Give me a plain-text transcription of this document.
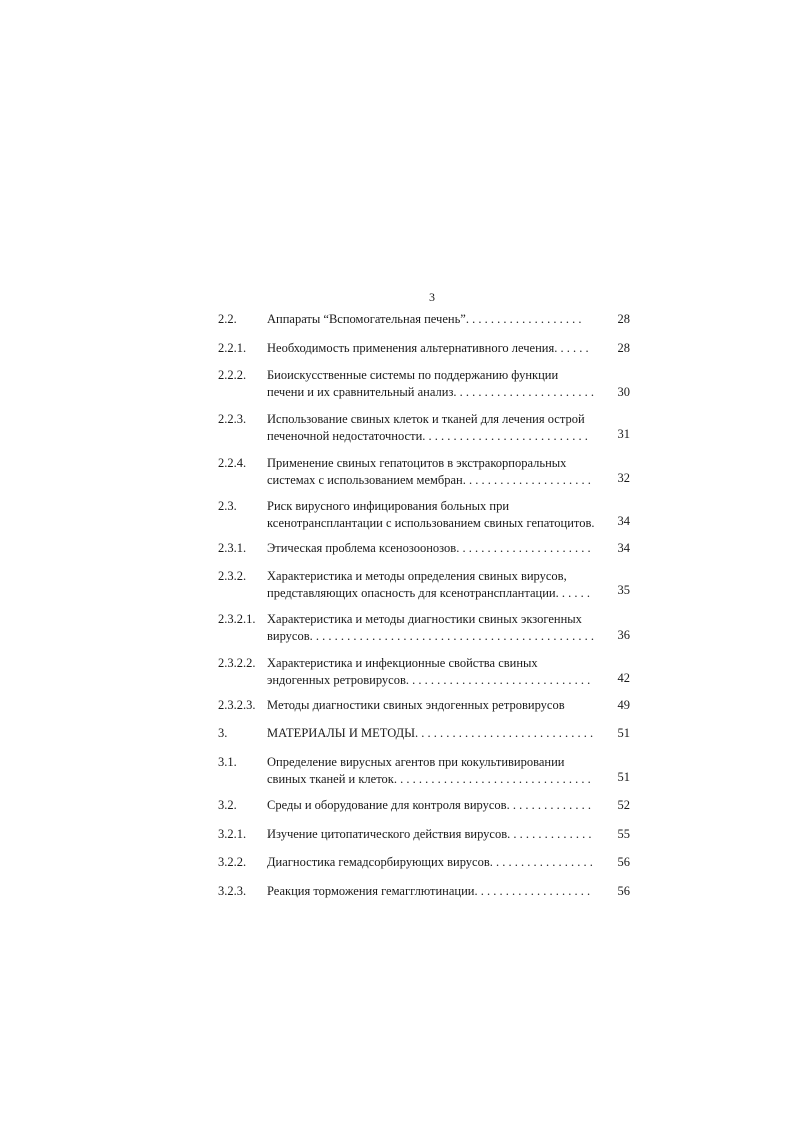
3
2.2. Аппараты “Вспомогательная печень”. . . . . . . . . . . . . . . . . . .	28
2.2.1. Необходимость применения альтернативного лечения. . . . . .	28
2.2.2. Биоискусственные системы по поддержанию функции
печени и их сравнительный анализ. . . . . . . . . . . . . . . . . . . . . . .	30
2.2.3. Использование свиных клеток и тканей для лечения острой
печеночной недостаточности. . . . . . . . . . . . . . . . . . . . . . . . . . .	31
2.2.4. Применение свиных гепатоцитов в экстракорпоральных
системах с использованием мембран. . . . . . . . . . . . . . . . . . . . .	32
2.3. Риск вирусного инфицирования больных при
ксенотрансплантации с использованием свиных гепатоцитов.	34
2.3.1. Этическая проблема ксенозоонозов. . . . . . . . . . . . . . . . . . . . . .	34
2.3.2. Характеристика и методы определения свиных вирусов,
представляющих опасность для ксенотрансплантации. . . . . .	35
2.3.2.1. Характеристика и методы диагностики свиных экзогенных
вирусов. . . . . . . . . . . . . . . . . . . . . . . . . . . . . . . . . . . . . . . . . . . . . .	36
2.3.2.2. Характеристика и инфекционные свойства свиных
эндогенных ретровирусов. . . . . . . . . . . . . . . . . . . . . . . . . . . . . .	42
2.3.2.3. Методы диагностики свиных эндогенных ретровирусов	49
3.	МАТЕРИАЛЫ И МЕТОДЫ. . . . . . . . . . . . . . . . . . . . . . . . . . . . .	51
3.1. Определение вирусных агентов при кокультивировании
свиных тканей и клеток. . . . . . . . . . . . . . . . . . . . . . . . . . . . . . . .	51
3.2. Среды и оборудование для контроля вирусов. . . . . . . . . . . . . .	52
3.2.1. Изучение цитопатического действия вирусов. . . . . . . . . . . . . .	55
3.2.2. Диагностика гемадсорбирующих вирусов. . . . . . . . . . . . . . . . .	56
3.2.3. Реакция торможения гемагглютинации. . . . . . . . . . . . . . . . . . .	56
